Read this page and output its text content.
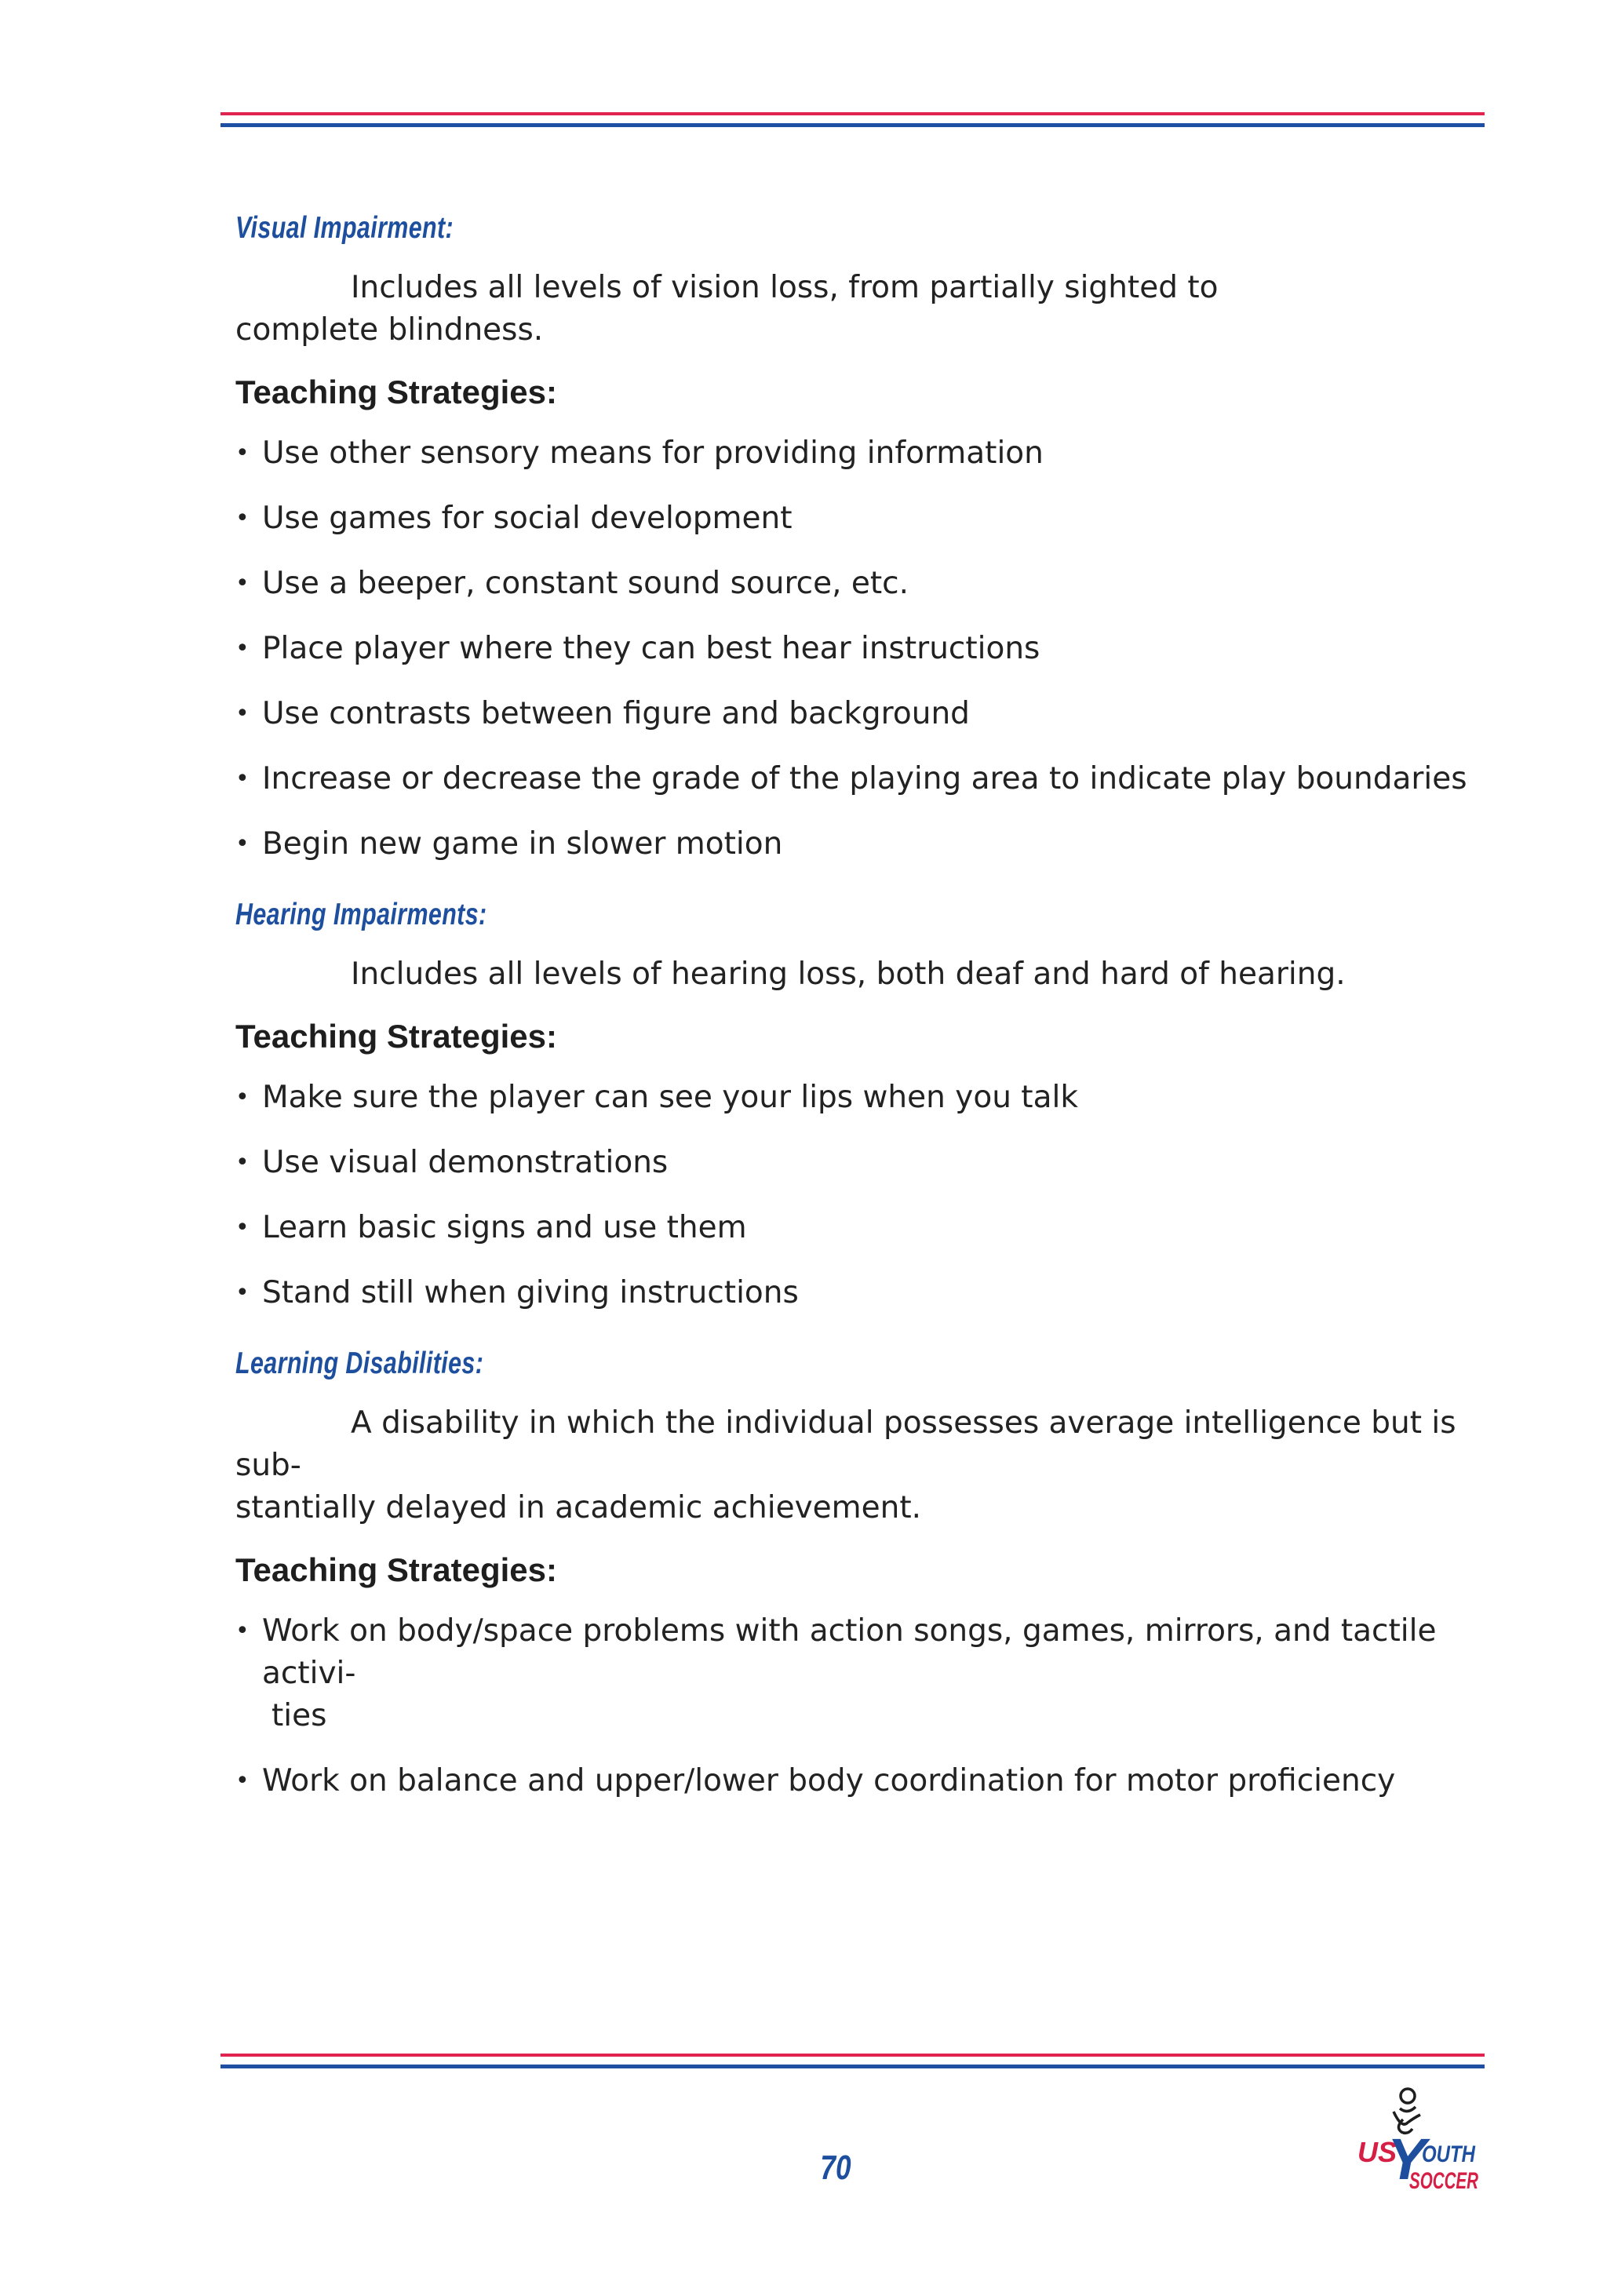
Visual Impairment:
Includes all levels of vision loss, from partially sighted to
complete blindness.
Teaching Strategies:
• Use other sensory means for providing information
• Use games for social development
• Use a beeper, constant sound source, etc.
• Place player where they can best hear instructions
• Use contrasts between figure and background
• Increase or decrease the grade of the playing area to indicate play boundaries
• Begin new game in slower motion
Hearing Impairments:
Includes all levels of hearing loss, both deaf and hard of hearing.
Teaching Strategies:
• Make sure the player can see your lips when you talk
• Use visual demonstrations
• Learn basic signs and use them
• Stand still when giving instructions
Learning Disabilities:
A disability in which the individual possesses average intelligence but is sub-
stantially delayed in academic achievement.
Teaching Strategies:
• Work on body/space problems with action songs, games, mirrors, and tactile activi-
ties
• Work on balance and upper/lower body coordination for motor proficiency
70	US
Y
OUTH
SOCCER
